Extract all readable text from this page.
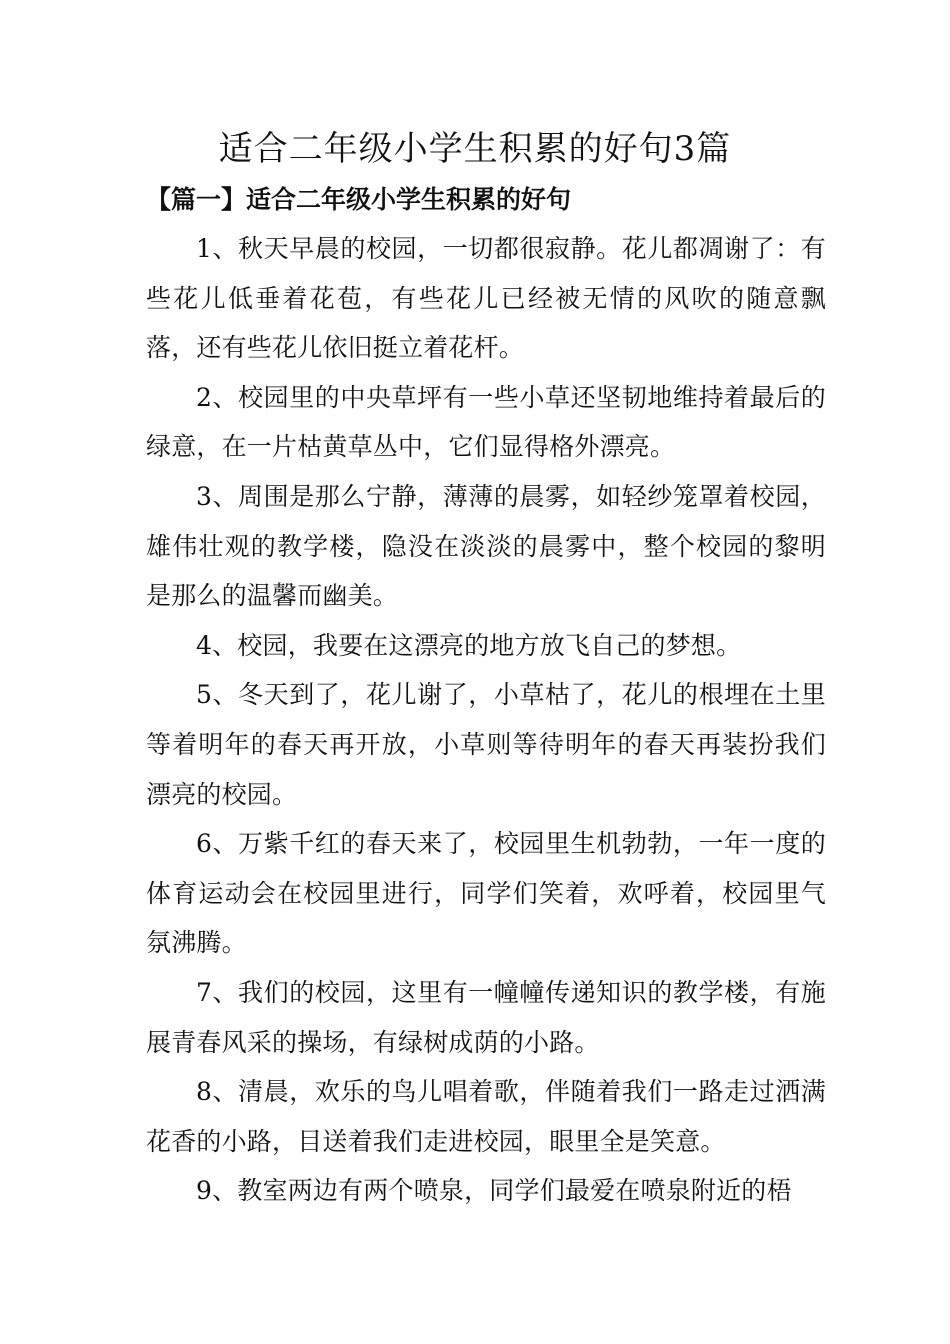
适合二年级小学生积累的好句3篇
【篇一】适合二年级小学生积累的好句

1、秋天早晨的校园，一切都很寂静。花儿都凋谢了：有些花儿低垂着花苞，有些花儿已经被无情的风吹的随意飘落，还有些花儿依旧挺立着花杆。

2、校园里的中央草坪有一些小草还坚韧地维持着最后的绿意，在一片枯黄草丛中，它们显得格外漂亮。

3、周围是那么宁静，薄薄的晨雾，如轻纱笼罩着校园，雄伟壮观的教学楼，隐没在淡淡的晨雾中，整个校园的黎明是那么的温馨而幽美。

4、校园，我要在这漂亮的地方放飞自己的梦想。

5、冬天到了，花儿谢了，小草枯了，花儿的根埋在土里等着明年的春天再开放，小草则等待明年的春天再装扮我们漂亮的校园。

6、万紫千红的春天来了，校园里生机勃勃，一年一度的体育运动会在校园里进行，同学们笑着，欢呼着，校园里气氛沸腾。

7、我们的校园，这里有一幢幢传递知识的教学楼，有施展青春风采的操场，有绿树成荫的小路。

8、清晨，欢乐的鸟儿唱着歌，伴随着我们一路走过洒满花香的小路，目送着我们走进校园，眼里全是笑意。

9、教室两边有两个喷泉，同学们最爱在喷泉附近的梧
